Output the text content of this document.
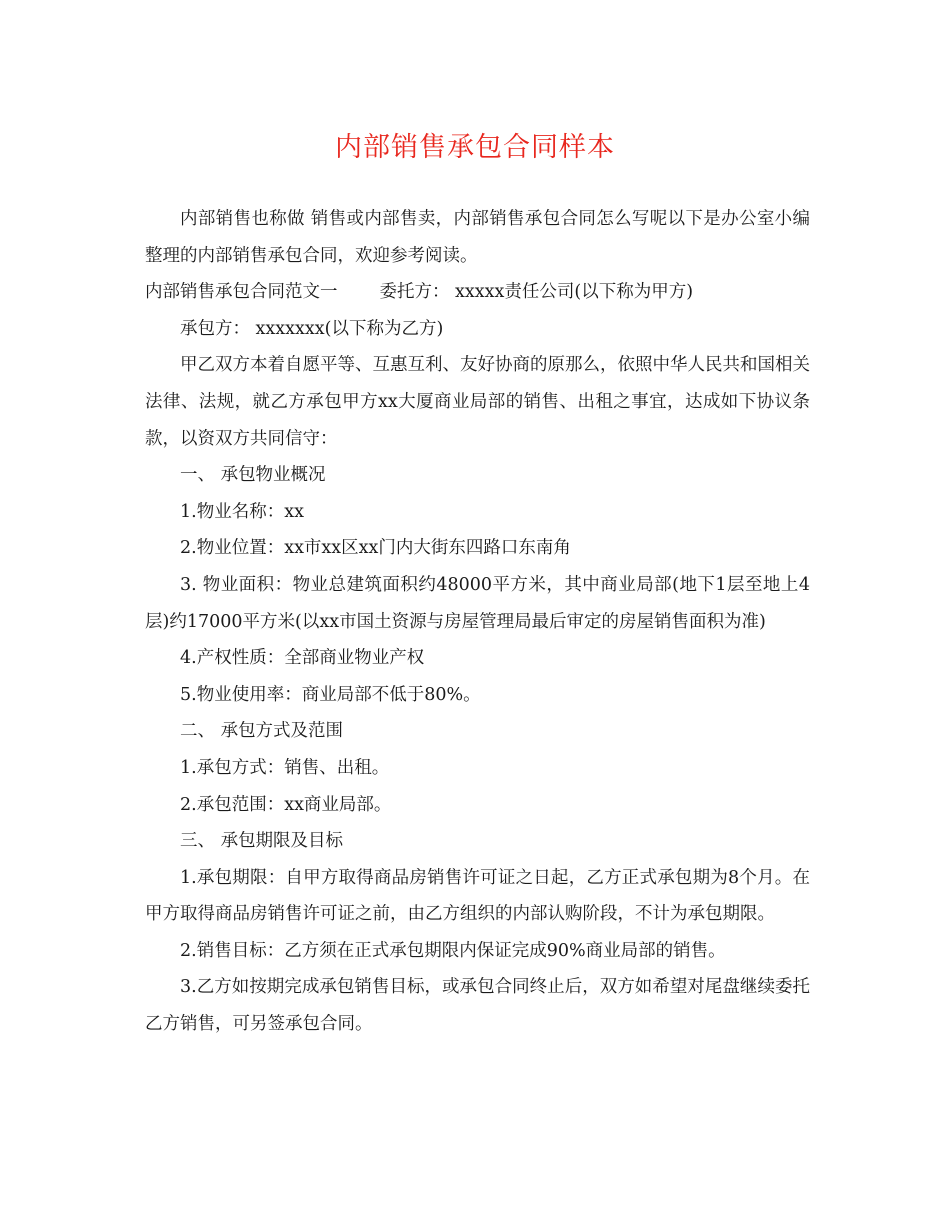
内部销售承包合同样本

内部销售也称做 销售或内部售卖，内部销售承包合同怎么写呢以下是办公室小编整理的内部销售承包合同，欢迎参考阅读。

内部销售承包合同范文一 委托方： xxxxx责任公司(以下称为甲方)

承包方： xxxxxxx(以下称为乙方)

甲乙双方本着自愿平等、互惠互利、友好协商的原那么，依照中华人民共和国相关法律、法规，就乙方承包甲方xx大厦商业局部的销售、出租之事宜，达成如下协议条款，以资双方共同信守：

一、 承包物业概况

1.物业名称：xx

2.物业位置：xx市xx区xx门内大街东四路口东南角

3. 物业面积：物业总建筑面积约48000平方米，其中商业局部(地下1层至地上4层)约17000平方米(以xx市国土资源与房屋管理局最后审定的房屋销售面积为准)

4.产权性质：全部商业物业产权

5.物业使用率：商业局部不低于80%。

二、 承包方式及范围

1.承包方式：销售、出租。

2.承包范围：xx商业局部。

三、 承包期限及目标

1.承包期限：自甲方取得商品房销售许可证之日起，乙方正式承包期为8个月。在甲方取得商品房销售许可证之前，由乙方组织的内部认购阶段，不计为承包期限。

2.销售目标：乙方须在正式承包期限内保证完成90%商业局部的销售。

3.乙方如按期完成承包销售目标，或承包合同终止后，双方如希望对尾盘继续委托乙方销售，可另签承包合同。
